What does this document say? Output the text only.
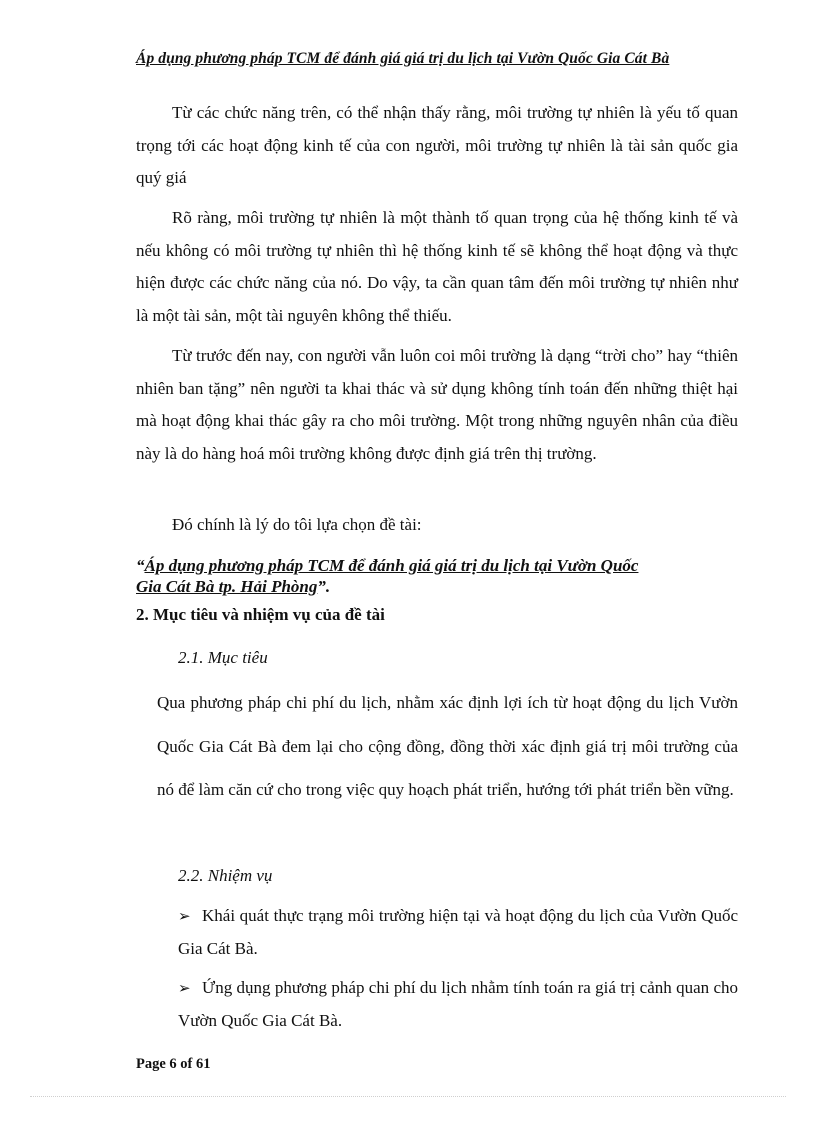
Áp dụng phương pháp TCM để đánh giá giá trị du lịch tại Vườn Quốc Gia Cát Bà

Từ các chức năng trên, có thể nhận thấy rằng, môi trường tự nhiên là yếu tố quan trọng tới các hoạt động kinh tế của con người, môi trường tự nhiên là tài sản quốc gia quý giá

Rõ ràng, môi trường tự nhiên là một thành tố quan trọng của hệ thống kinh tế và nếu không có môi trường tự nhiên thì hệ thống kinh tế sẽ không thể hoạt động và thực hiện được các chức năng của nó. Do vậy, ta cần quan tâm đến môi trường tự nhiên như là một tài sản, một tài nguyên không thể thiếu.

Từ trước đến nay, con người vẫn luôn coi môi trường là dạng “trời cho” hay “thiên nhiên ban tặng” nên người ta khai thác và sử dụng không tính toán đến những thiệt hại mà hoạt động khai thác gây ra cho môi trường. Một trong những nguyên nhân của điều này là do hàng hoá môi trường không được định giá trên thị trường.

Đó chính là lý do tôi lựa chọn đề tài:

“Áp dụng phương pháp TCM để đánh giá giá trị du lịch tại Vườn Quốc
Gia Cát Bà tp. Hải Phòng”.
2. Mục tiêu và nhiệm vụ của đề tài
2.1. Mục tiêu

Qua phương pháp chi phí du lịch, nhằm xác định lợi ích từ hoạt động du lịch Vườn Quốc Gia Cát Bà đem lại cho cộng đồng, đồng thời xác định giá trị môi trường của nó để làm căn cứ cho trong việc quy hoạch phát triển, hướng tới phát triển bền vững.

2.2. Nhiệm vụ

➢ Khái quát thực trạng môi trường hiện tại và hoạt động du lịch của Vườn Quốc Gia Cát Bà.

➢ Ứng dụng phương pháp chi phí du lịch nhằm tính toán ra giá trị cảnh quan cho Vườn Quốc Gia Cát Bà.

Page 6 of 61
